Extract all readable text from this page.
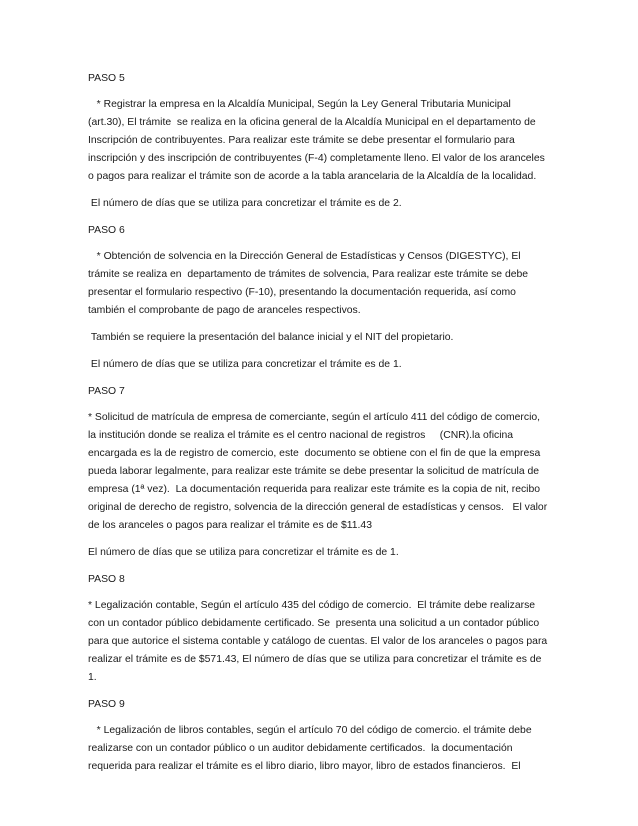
PASO 5

* Registrar la empresa en la Alcaldía Municipal, Según la Ley General Tributaria Municipal (art.30), El trámite  se realiza en la oficina general de la Alcaldía Municipal en el departamento de Inscripción de contribuyentes. Para realizar este trámite se debe presentar el formulario para inscripción y des inscripción de contribuyentes (F-4) completamente lleno. El valor de los aranceles o pagos para realizar el trámite son de acorde a la tabla arancelaria de la Alcaldía de la localidad.

El número de días que se utiliza para concretizar el trámite es de 2.

PASO 6

* Obtención de solvencia en la Dirección General de Estadísticas y Censos (DIGESTYC), El trámite se realiza en  departamento de trámites de solvencia, Para realizar este trámite se debe presentar el formulario respectivo (F-10), presentando la documentación requerida, así como también el comprobante de pago de aranceles respectivos.

También se requiere la presentación del balance inicial y el NIT del propietario.

El número de días que se utiliza para concretizar el trámite es de 1.

PASO 7

* Solicitud de matrícula de empresa de comerciante, según el artículo 411 del código de comercio, la institución donde se realiza el trámite es el centro nacional de registros     (CNR).la oficina encargada es la de registro de comercio, este  documento se obtiene con el fin de que la empresa pueda laborar legalmente, para realizar este trámite se debe presentar la solicitud de matrícula de empresa (1ª vez).  La documentación requerida para realizar este trámite es la copia de nit, recibo original de derecho de registro, solvencia de la dirección general de estadísticas y censos.   El valor de los aranceles o pagos para realizar el trámite es de $11.43

El número de días que se utiliza para concretizar el trámite es de 1.

PASO 8

* Legalización contable, Según el artículo 435 del código de comercio.  El trámite debe realizarse con un contador público debidamente certificado. Se  presenta una solicitud a un contador público para que autorice el sistema contable y catálogo de cuentas. El valor de los aranceles o pagos para realizar el trámite es de $571.43, El número de días que se utiliza para concretizar el trámite es de 1.

PASO 9

* Legalización de libros contables, según el artículo 70 del código de comercio. el trámite debe realizarse con un contador público o un auditor debidamente certificados.  la documentación requerida para realizar el trámite es el libro diario, libro mayor, libro de estados financieros.  El
